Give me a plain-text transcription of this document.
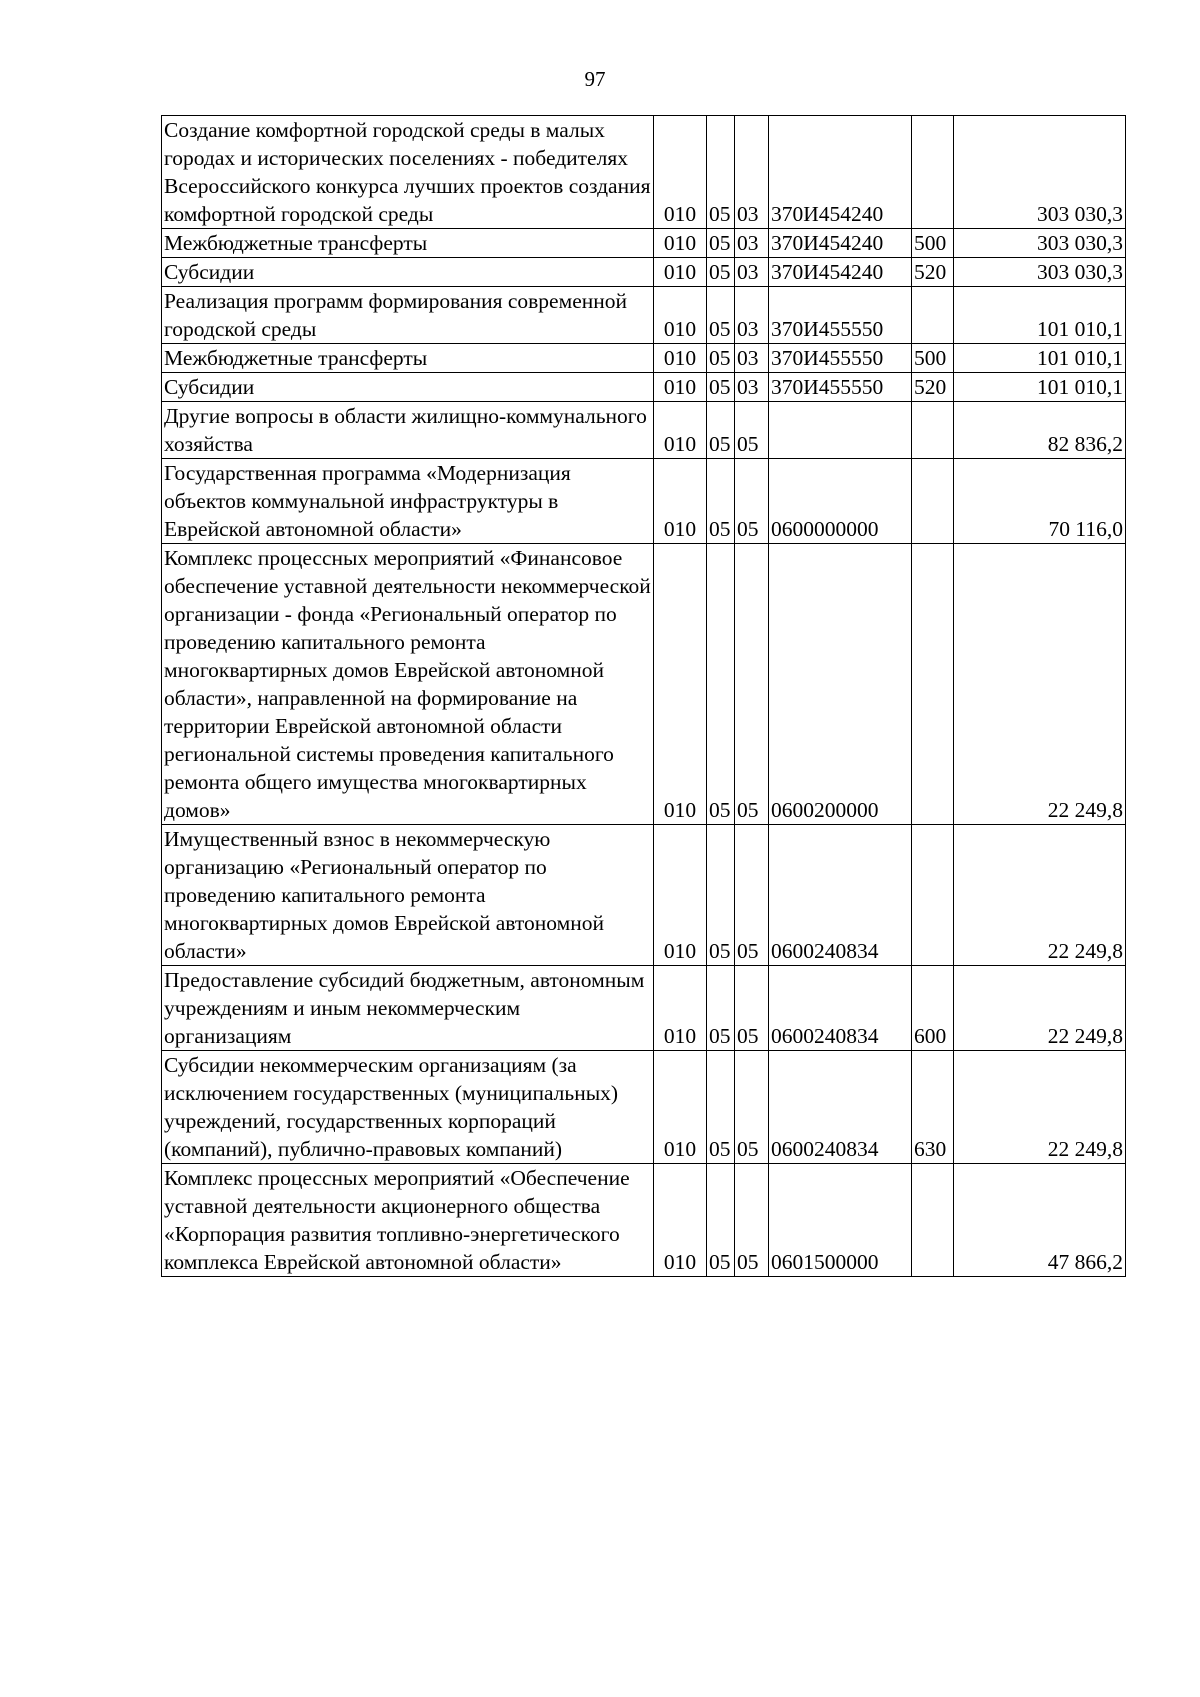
97
Создание комфортной городской среды в малых городах и исторических поселениях - победителях Всероссийского конкурса лучших проектов создания комфортной городской среды	010	05	03	370И454240		303 030,3
Межбюджетные трансферты	010	05	03	370И454240	500	303 030,3
Субсидии	010	05	03	370И454240	520	303 030,3
Реализация программ формирования современной городской среды	010	05	03	370И455550		101 010,1
Межбюджетные трансферты	010	05	03	370И455550	500	101 010,1
Субсидии	010	05	03	370И455550	520	101 010,1
Другие вопросы в области жилищно-коммунального хозяйства	010	05	05			82 836,2
Государственная программа «Модернизация объектов коммунальной инфраструктуры в Еврейской автономной области»	010	05	05	0600000000		70 116,0
Комплекс процессных мероприятий «Финансовое обеспечение уставной деятельности некоммерческой организации - фонда «Региональный оператор по проведению капитального ремонта многоквартирных домов Еврейской автономной области», направленной на формирование на территории Еврейской автономной области региональной системы проведения капитального ремонта общего имущества многоквартирных домов»	010	05	05	0600200000		22 249,8
Имущественный взнос в некоммерческую организацию «Региональный оператор по проведению капитального ремонта многоквартирных домов Еврейской автономной области»	010	05	05	0600240834		22 249,8
Предоставление субсидий бюджетным, автономным учреждениям и иным некоммерческим организациям	010	05	05	0600240834	600	22 249,8
Субсидии некоммерческим организациям (за исключением государственных (муниципальных) учреждений, государственных корпораций (компаний), публично-правовых компаний)	010	05	05	0600240834	630	22 249,8
Комплекс процессных мероприятий «Обеспечение уставной деятельности акционерного общества «Корпорация развития топливно-энергетического комплекса Еврейской автономной области»	010	05	05	0601500000		47 866,2
